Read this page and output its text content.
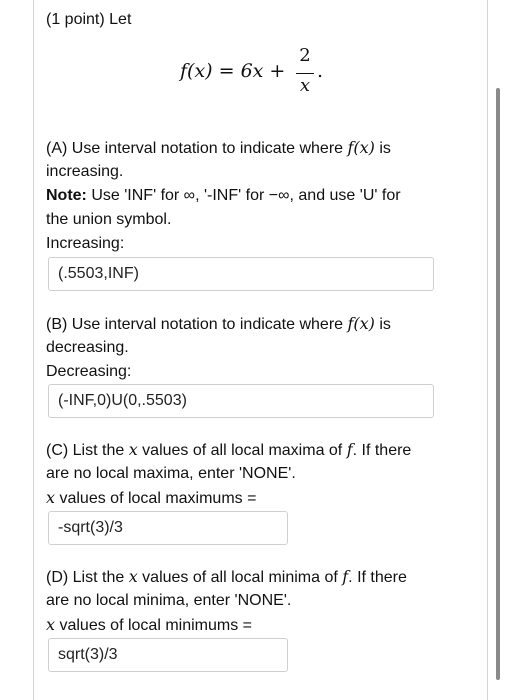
(1 point) Let
f(x) = 6x +
2
x
.
(A) Use interval notation to indicate where f(x) is
increasing.
Note: Use 'INF' for ∞, '-INF' for −∞, and use 'U' for
the union symbol.
Increasing:
(.5503,INF)
(B) Use interval notation to indicate where f(x) is
decreasing.
Decreasing:
(-INF,0)U(0,.5503)
(C) List the x values of all local maxima of f. If there
are no local maxima, enter 'NONE'.
x values of local maximums =
-sqrt(3)/3
(D) List the x values of all local minima of f. If there
are no local minima, enter 'NONE'.
x values of local minimums =
sqrt(3)/3
